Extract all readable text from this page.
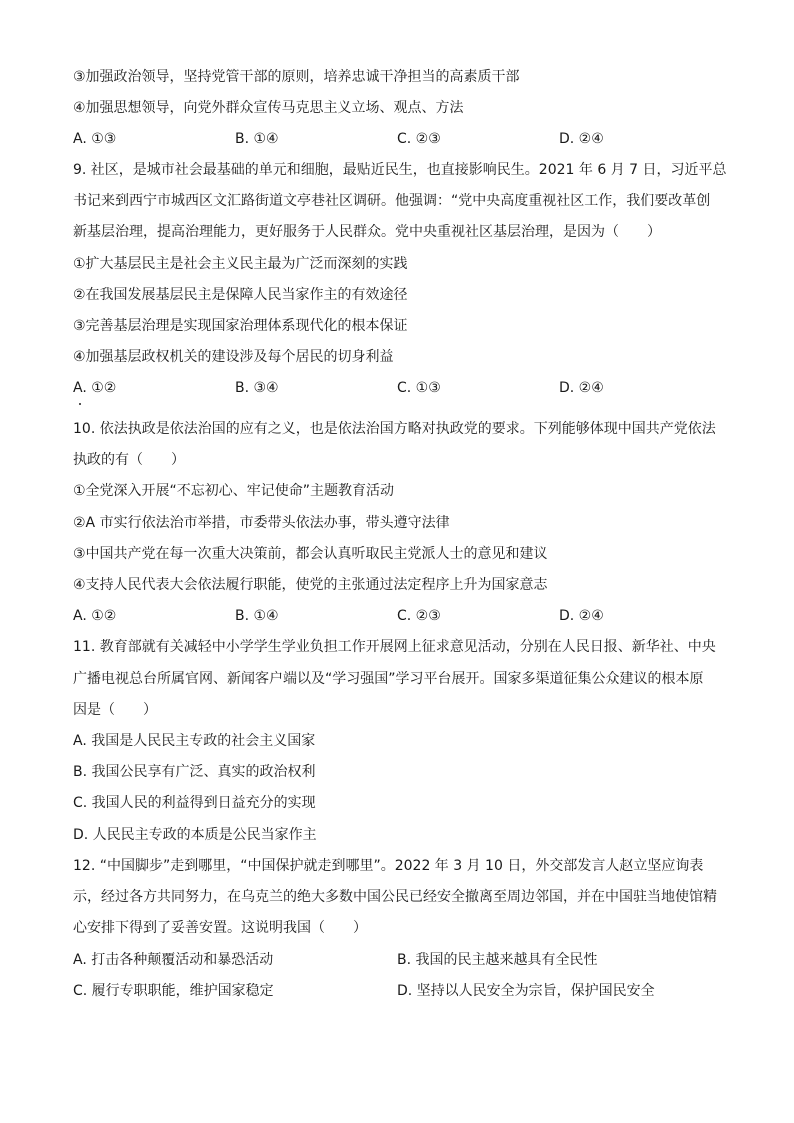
③加强政治领导，坚持党管干部的原则，培养忠诚干净担当的高素质干部
④加强思想领导，向党外群众宣传马克思主义立场、观点、方法
A. ①③	B. ①④	C. ②③	D. ②④
9. 社区，是城市社会最基础的单元和细胞，最贴近民生，也直接影响民生。2021 年 6 月 7 日，习近平总
书记来到西宁市城西区文汇路街道文亭巷社区调研。他强调：“党中央高度重视社区工作，我们要改革创
新基层治理，提高治理能力，更好服务于人民群众。党中央重视社区基层治理，是因为（　　）
①扩大基层民主是社会主义民主最为广泛而深刻的实践
②在我国发展基层民主是保障人民当家作主的有效途径
③完善基层治理是实现国家治理体系现代化的根本保证
④加强基层政权机关的建设涉及每个居民的切身利益
A. ①②	B. ③④	C. ①③	D. ②④
10. 依法执政是依法治国的应有之义，也是依法治国方略对执政党的要求。下列能够体现中国共产党依法
执政的有（　　）
①全党深入开展“不忘初心、牢记使命”主题教育活动
②A 市实行依法治市举措，市委带头依法办事，带头遵守法律
③中国共产党在每一次重大决策前，都会认真听取民主党派人士的意见和建议
④支持人民代表大会依法履行职能，使党的主张通过法定程序上升为国家意志
A. ①②	B. ①④	C. ②③	D. ②④
11. 教育部就有关减轻中小学学生学业负担工作开展网上征求意见活动，分别在人民日报、新华社、中央
广播电视总台所属官网、新闻客户端以及“学习强国”学习平台展开。国家多渠道征集公众建议的根本原
因是（　　）
A. 我国是人民民主专政的社会主义国家
B. 我国公民享有广泛、真实的政治权利
C. 我国人民的利益得到日益充分的实现
D. 人民民主专政的本质是公民当家作主
12. “中国脚步”走到哪里，“中国保护就走到哪里”。2022 年 3 月 10 日，外交部发言人赵立坚应询表
示，经过各方共同努力，在乌克兰的绝大多数中国公民已经安全撤离至周边邻国，并在中国驻当地使馆精
心安排下得到了妥善安置。这说明我国（　　）
A. 打击各种颠覆活动和暴恐活动	B. 我国的民主越来越具有全民性
C. 履行专职职能，维护国家稳定	D. 坚持以人民安全为宗旨，保护国民安全
